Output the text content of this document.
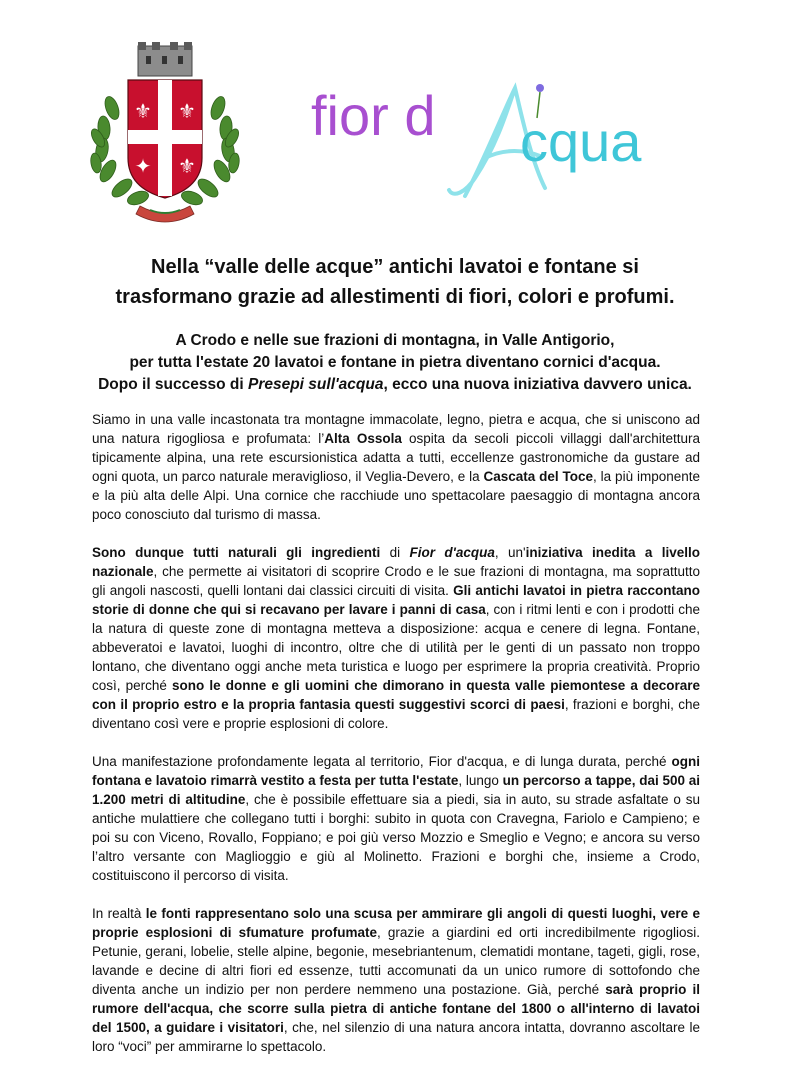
⚜ ⚜
✦ ⚜
fior d cqua
Nella “valle delle acque” antichi lavatoi e fontane si
trasformano grazie ad allestimenti di fiori, colori e profumi.
A Crodo e nelle sue frazioni di montagna, in Valle Antigorio,
per tutta l'estate 20 lavatoi e fontane in pietra diventano cornici d'acqua.
Dopo il successo di Presepi sull'acqua, ecco una nuova iniziativa davvero unica.

Siamo in una valle incastonata tra montagne immacolate, legno, pietra e acqua, che si uniscono ad una natura rigogliosa e profumata: l’Alta Ossola ospita da secoli piccoli villaggi dall'architettura tipicamente alpina, una rete escursionistica adatta a tutti, eccellenze gastronomiche da gustare ad ogni quota, un parco naturale meraviglioso, il Veglia-Devero, e la Cascata del Toce, la più imponente e la più alta delle Alpi. Una cornice che racchiude uno spettacolare paesaggio di montagna ancora poco conosciuto dal turismo di massa.

Sono dunque tutti naturali gli ingredienti di Fior d'acqua, un'iniziativa inedita a livello nazionale, che permette ai visitatori di scoprire Crodo e le sue frazioni di montagna, ma soprattutto gli angoli nascosti, quelli lontani dai classici circuiti di visita. Gli antichi lavatoi in pietra raccontano storie di donne che qui si recavano per lavare i panni di casa, con i ritmi lenti e con i prodotti che la natura di queste zone di montagna metteva a disposizione: acqua e cenere di legna. Fontane, abbeveratoi e lavatoi, luoghi di incontro, oltre che di utilità per le genti di un passato non troppo lontano, che diventano oggi anche meta turistica e luogo per esprimere la propria creatività. Proprio così, perché sono le donne e gli uomini che dimorano in questa valle piemontese a decorare con il proprio estro e la propria fantasia questi suggestivi scorci di paesi, frazioni e borghi, che diventano così vere e proprie esplosioni di colore.

Una manifestazione profondamente legata al territorio, Fior d'acqua, e di lunga durata, perché ogni fontana e lavatoio rimarrà vestito a festa per tutta l'estate, lungo un percorso a tappe, dai 500 ai 1.200 metri di altitudine, che è possibile effettuare sia a piedi, sia in auto, su strade asfaltate o su antiche mulattiere che collegano tutti i borghi: subito in quota con Cravegna, Fariolo e Campieno; e poi su con Viceno, Rovallo, Foppiano; e poi giù verso Mozzio e Smeglio e Vegno; e ancora su verso l’altro versante con Maglioggio e giù al Molinetto. Frazioni e borghi che, insieme a Crodo, costituiscono il percorso di visita.

In realtà le fonti rappresentano solo una scusa per ammirare gli angoli di questi luoghi, vere e proprie esplosioni di sfumature profumate, grazie a giardini ed orti incredibilmente rigogliosi. Petunie, gerani, lobelie, stelle alpine, begonie, mesebriantenum, clematidi montane, tageti, gigli, rose, lavande e decine di altri fiori ed essenze, tutti accomunati da un unico rumore di sottofondo che diventa anche un indizio per non perdere nemmeno una postazione. Già, perché sarà proprio il rumore dell'acqua, che scorre sulla pietra di antiche fontane del 1800 o all'interno di lavatoi del 1500, a guidare i visitatori, che, nel silenzio di una natura ancora intatta, dovranno ascoltare le loro “voci” per ammirarne lo spettacolo.
